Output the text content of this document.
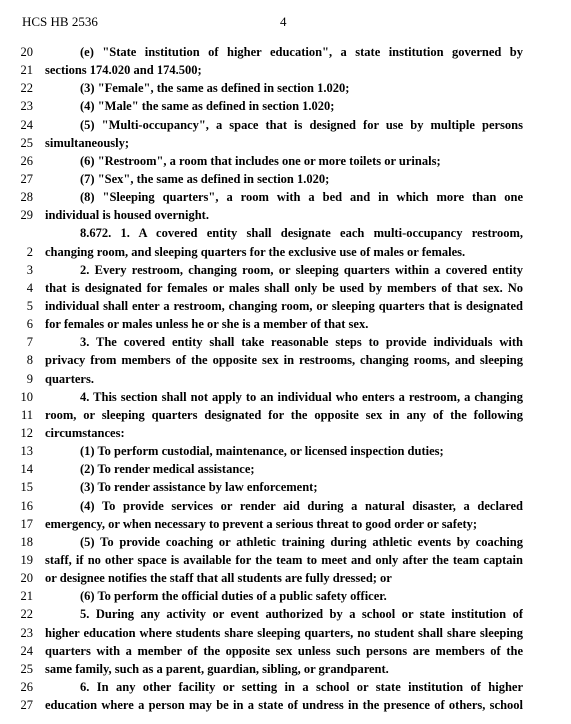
HCS HB 2536	4
20	(e) "State institution of higher education", a state institution governed by
21 sections 174.020 and 174.500;
22	(3) "Female", the same as defined in section 1.020;
23	(4) "Male" the same as defined in section 1.020;
24	(5) "Multi-occupancy", a space that is designed for use by multiple persons
25 simultaneously;
26	(6) "Restroom", a room that includes one or more toilets or urinals;
27	(7) "Sex", the same as defined in section 1.020;
28	(8) "Sleeping quarters", a room with a bed and in which more than one
29 individual is housed overnight.
8.672. 1. A covered entity shall designate each multi-occupancy restroom,
2 changing room, and sleeping quarters for the exclusive use of males or females.
3	2. Every restroom, changing room, or sleeping quarters within a covered entity
4 that is designated for females or males shall only be used by members of that sex. No
5 individual shall enter a restroom, changing room, or sleeping quarters that is designated
6 for females or males unless he or she is a member of that sex.
7	3. The covered entity shall take reasonable steps to provide individuals with
8 privacy from members of the opposite sex in restrooms, changing rooms, and sleeping
9 quarters.
10	4. This section shall not apply to an individual who enters a restroom, a changing
11 room, or sleeping quarters designated for the opposite sex in any of the following
12 circumstances:
13	(1) To perform custodial, maintenance, or licensed inspection duties;
14	(2) To render medical assistance;
15	(3) To render assistance by law enforcement;
16	(4) To provide services or render aid during a natural disaster, a declared
17 emergency, or when necessary to prevent a serious threat to good order or safety;
18	(5) To provide coaching or athletic training during athletic events by coaching
19 staff, if no other space is available for the team to meet and only after the team captain
20 or designee notifies the staff that all students are fully dressed; or
21	(6) To perform the official duties of a public safety officer.
22	5. During any activity or event authorized by a school or state institution of
23 higher education where students share sleeping quarters, no student shall share sleeping
24 quarters with a member of the opposite sex unless such persons are members of the
25 same family, such as a parent, guardian, sibling, or grandparent.
26	6. In any other facility or setting in a school or state institution of higher
27 education where a person may be in a state of undress in the presence of others, school
